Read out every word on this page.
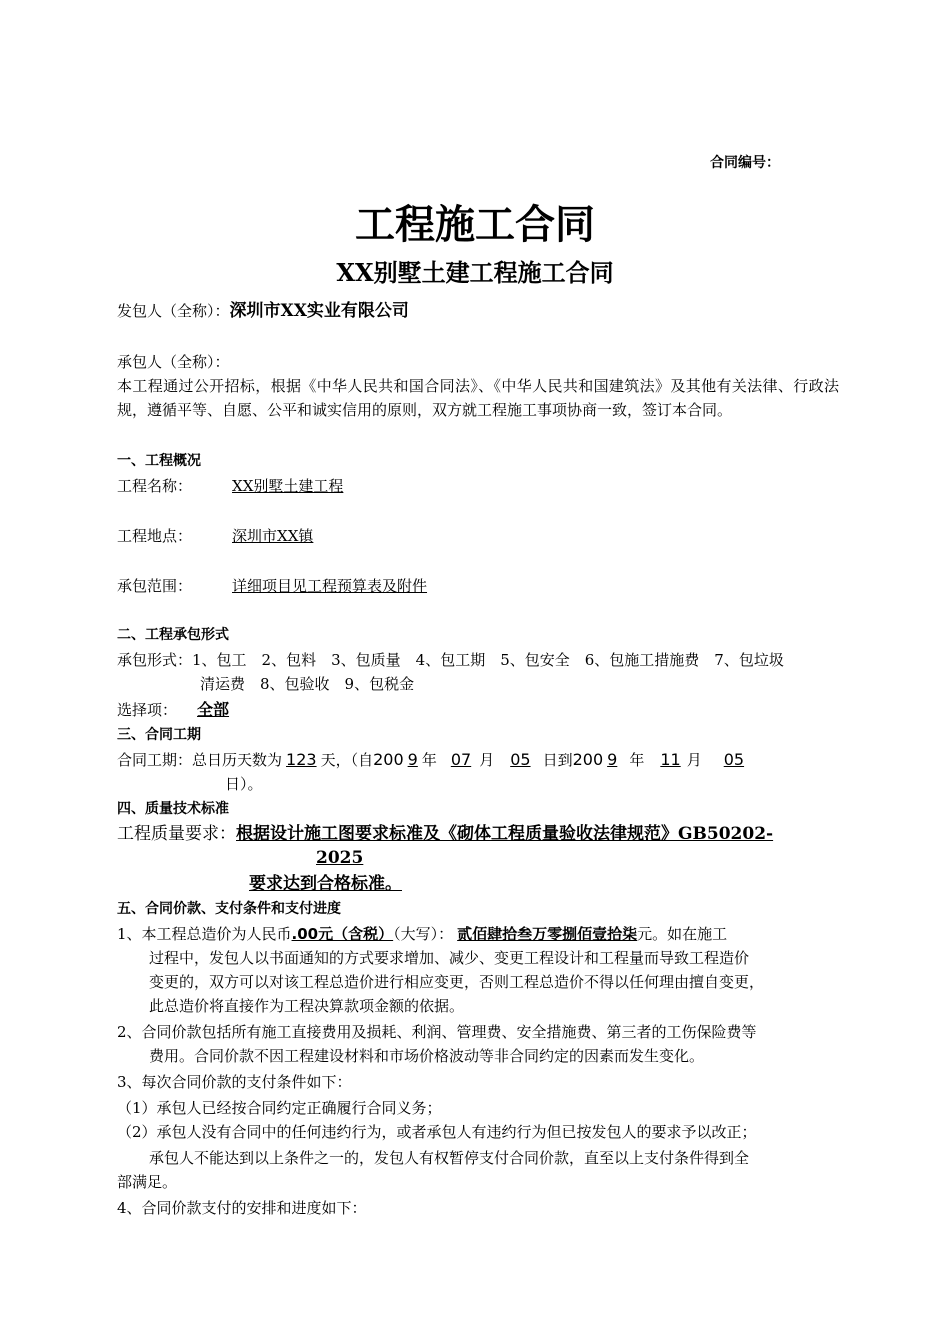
合同编号：
工程施工合同
XX别墅土建工程施工合同
发包人（全称）：深圳市XX实业有限公司
承包人（全称）：
本工程通过公开招标，根据《中华人民共和国合同法》、《中华人民共和国建筑法》及其他有关法律、行政法规，遵循平等、自愿、公平和诚实信用的原则，双方就工程施工事项协商一致，签订本合同。
一、工程概况
工程名称：	XX别墅土建工程
工程地点：	深圳市XX镇
承包范围：	详细项目见工程预算表及附件
二、工程承包形式
承包形式：1、包工　2、包料　3、包质量　4、包工期　5、包安全　6、包施工措施费　7、包垃圾
清运费　8、包验收　9、包税金
选择项： 全部
三、合同工期
合同工期：总日历天数为 123 天，（自200 9 年 07 月 05 日到200 9 年 11 月 05
日）。
四、质量技术标准
工程质量要求：根据设计施工图要求标准及《砌体工程质量验收法律规范》GB50202-
2025
要求达到合格标准。
五、合同价款、支付条件和支付进度
1、本工程总造价为人民币.00元（含税）（大写）： 贰佰肆拾叁万零捌佰壹拾柒元。如在施工
过程中，发包人以书面通知的方式要求增加、减少、变更工程设计和工程量而导致工程造价
变更的，双方可以对该工程总造价进行相应变更，否则工程总造价不得以任何理由擅自变更，
此总造价将直接作为工程决算款项金额的依据。
2、合同价款包括所有施工直接费用及损耗、利润、管理费、安全措施费、第三者的工伤保险费等
费用。合同价款不因工程建设材料和市场价格波动等非合同约定的因素而发生变化。
3、每次合同价款的支付条件如下：
（1）承包人已经按合同约定正确履行合同义务；
（2）承包人没有合同中的任何违约行为，或者承包人有违约行为但已按发包人的要求予以改正；
承包人不能达到以上条件之一的，发包人有权暂停支付合同价款，直至以上支付条件得到全
部满足。
4、合同价款支付的安排和进度如下：
